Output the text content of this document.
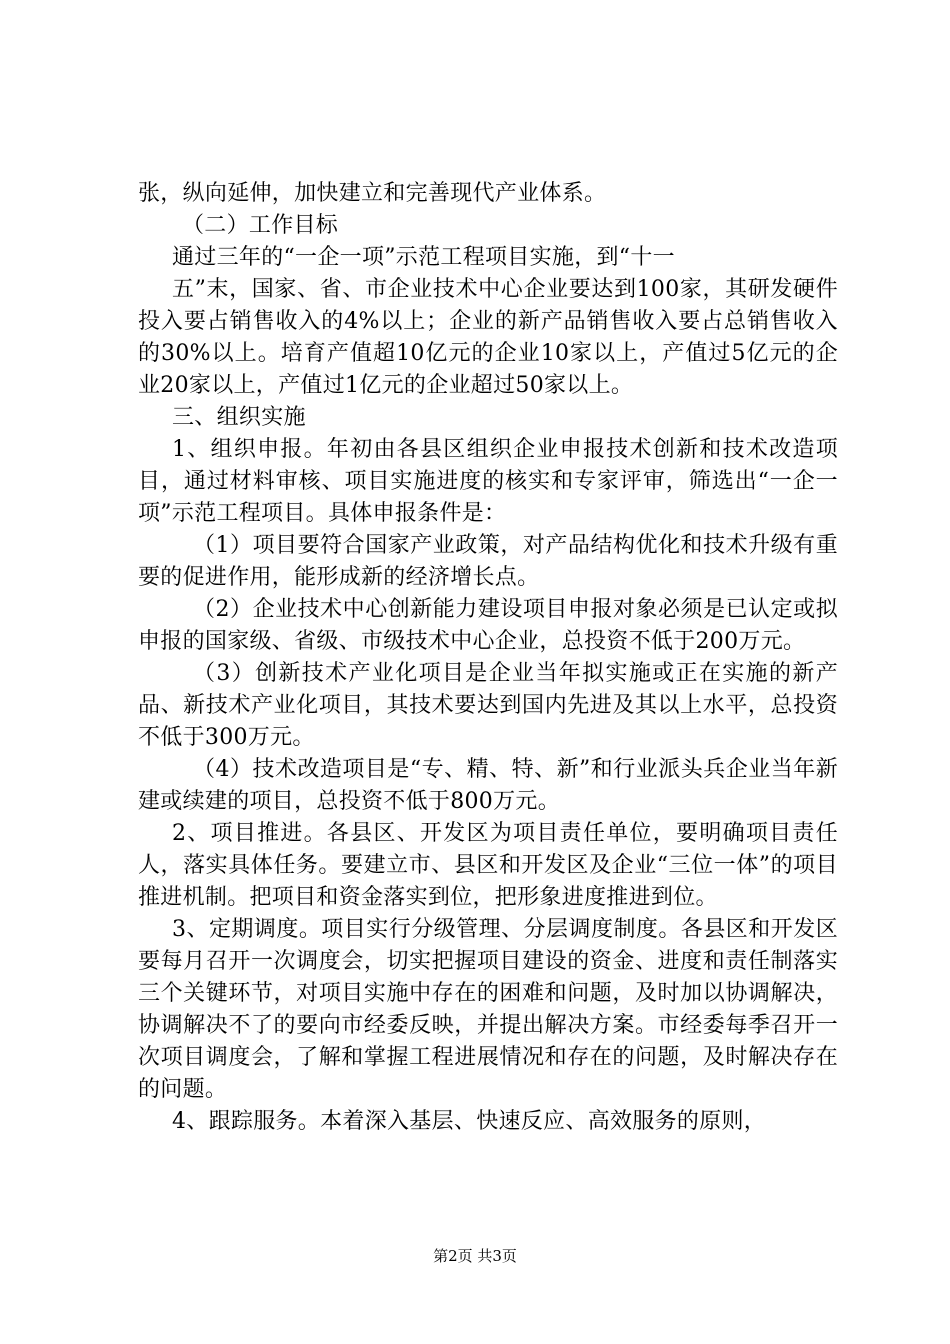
张，纵向延伸，加快建立和完善现代产业体系。

（二）工作目标

通过三年的“一企一项”示范工程项目实施，到“十一

五”末，国家、省、市企业技术中心企业要达到100家，其研发硬件投入要占销售收入的4%以上；企业的新产品销售收入要占总销售收入的30%以上。培育产值超10亿元的企业10家以上，产值过5亿元的企业20家以上，产值过1亿元的企业超过50家以上。

三、组织实施

1、组织申报。年初由各县区组织企业申报技术创新和技术改造项目，通过材料审核、项目实施进度的核实和专家评审，筛选出“一企一项”示范工程项目。具体申报条件是：

（1）项目要符合国家产业政策，对产品结构优化和技术升级有重要的促进作用，能形成新的经济增长点。

（2）企业技术中心创新能力建设项目申报对象必须是已认定或拟申报的国家级、省级、市级技术中心企业，总投资不低于200万元。

（3）创新技术产业化项目是企业当年拟实施或正在实施的新产品、新技术产业化项目，其技术要达到国内先进及其以上水平，总投资不低于300万元。

（4）技术改造项目是“专、精、特、新”和行业派头兵企业当年新建或续建的项目，总投资不低于800万元。

2、项目推进。各县区、开发区为项目责任单位，要明确项目责任人，落实具体任务。要建立市、县区和开发区及企业“三位一体”的项目推进机制。把项目和资金落实到位，把形象进度推进到位。

3、定期调度。项目实行分级管理、分层调度制度。各县区和开发区要每月召开一次调度会，切实把握项目建设的资金、进度和责任制落实三个关键环节，对项目实施中存在的困难和问题，及时加以协调解决，协调解决不了的要向市经委反映，并提出解决方案。市经委每季召开一次项目调度会，了解和掌握工程进展情况和存在的问题，及时解决存在的问题。

4、跟踪服务。本着深入基层、快速反应、高效服务的原则，

第2页 共3页
